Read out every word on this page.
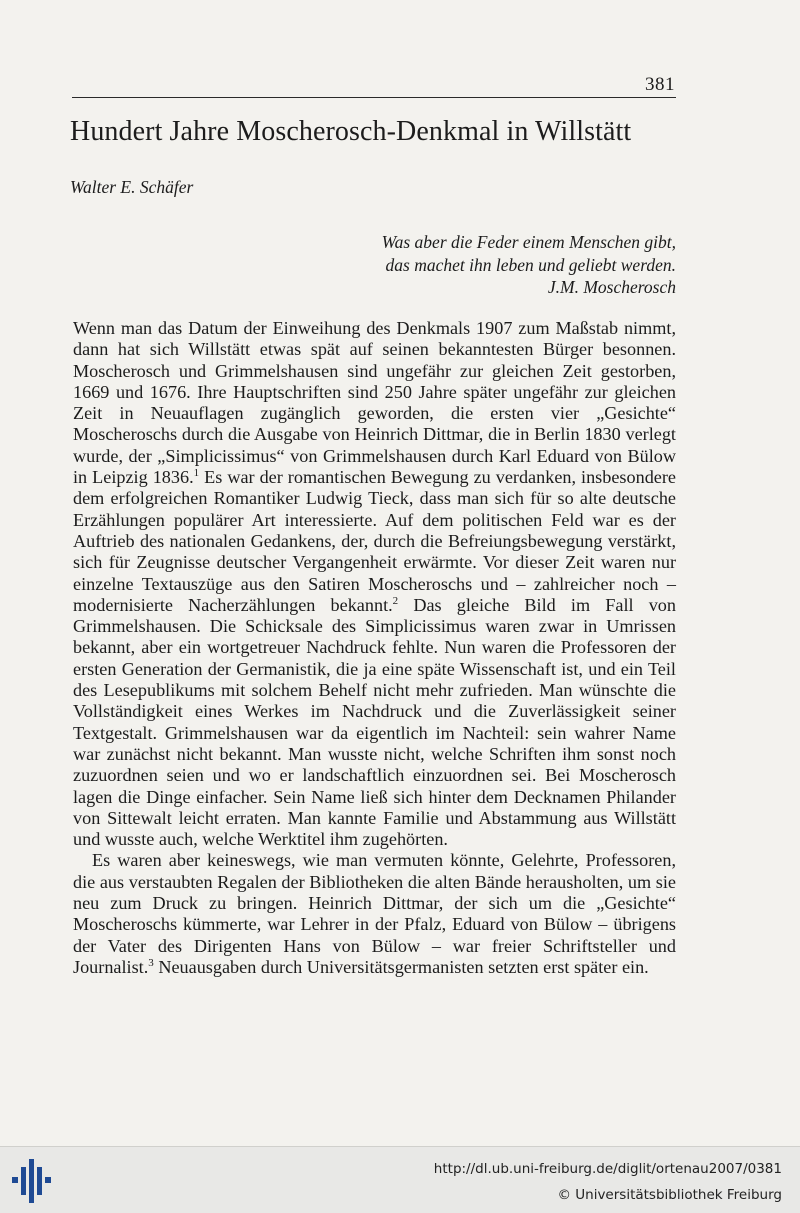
381
Hundert Jahre Moscherosch-Denkmal in Willstätt
Walter E. Schäfer
Was aber die Feder einem Menschen gibt,
das machet ihn leben und geliebt werden.
J.M. Moscherosch

Wenn man das Datum der Einweihung des Denkmals 1907 zum Maßstab nimmt, dann hat sich Willstätt etwas spät auf seinen bekanntesten Bürger besonnen. Moscherosch und Grimmelshausen sind ungefähr zur gleichen Zeit gestorben, 1669 und 1676. Ihre Hauptschriften sind 250 Jahre später ungefähr zur gleichen Zeit in Neuauflagen zugänglich geworden, die ersten vier „Gesichte“ Moscheroschs durch die Ausgabe von Heinrich Dittmar, die in Berlin 1830 verlegt wurde, der „Simplicissimus“ von Grimmelshausen durch Karl Eduard von Bülow in Leipzig 1836.$^1$ Es war der romantischen Bewegung zu verdanken, insbesondere dem erfolgreichen Romantiker Ludwig Tieck, dass man sich für so alte deutsche Erzählungen populärer Art interessierte. Auf dem politischen Feld war es der Auftrieb des nationalen Gedankens, der, durch die Befreiungsbewegung verstärkt, sich für Zeugnisse deutscher Vergangenheit erwärmte. Vor dieser Zeit waren nur einzelne Textauszüge aus den Satiren Moscheroschs und – zahlreicher noch – modernisierte Nacherzählungen bekannt.$^2$ Das gleiche Bild im Fall von Grimmelshausen. Die Schicksale des Simplicissimus waren zwar in Umrissen bekannt, aber ein wortgetreuer Nachdruck fehlte. Nun waren die Professoren der ersten Generation der Germanistik, die ja eine späte Wissenschaft ist, und ein Teil des Lesepublikums mit solchem Behelf nicht mehr zufrieden. Man wünschte die Vollständigkeit eines Werkes im Nachdruck und die Zuverlässigkeit seiner Textgestalt. Grimmelshausen war da eigentlich im Nachteil: sein wahrer Name war zunächst nicht bekannt. Man wusste nicht, welche Schriften ihm sonst noch zuzuordnen seien und wo er landschaftlich einzuordnen sei. Bei Moscherosch lagen die Dinge einfacher. Sein Name ließ sich hinter dem Decknamen Philander von Sittewalt leicht erraten. Man kannte Familie und Abstammung aus Willstätt und wusste auch, welche Werktitel ihm zugehörten.

Es waren aber keineswegs, wie man vermuten könnte, Gelehrte, Professoren, die aus verstaubten Regalen der Bibliotheken die alten Bände herausholten, um sie neu zum Druck zu bringen. Heinrich Dittmar, der sich um die „Gesichte“ Moscheroschs kümmerte, war Lehrer in der Pfalz, Eduard von Bülow – übrigens der Vater des Dirigenten Hans von Bülow – war freier Schriftsteller und Journalist.$^3$ Neuausgaben durch Universitätsgermanisten setzten erst später ein.

http://dl.ub.uni-freiburg.de/diglit/ortenau2007/0381
© Universitätsbibliothek Freiburg
